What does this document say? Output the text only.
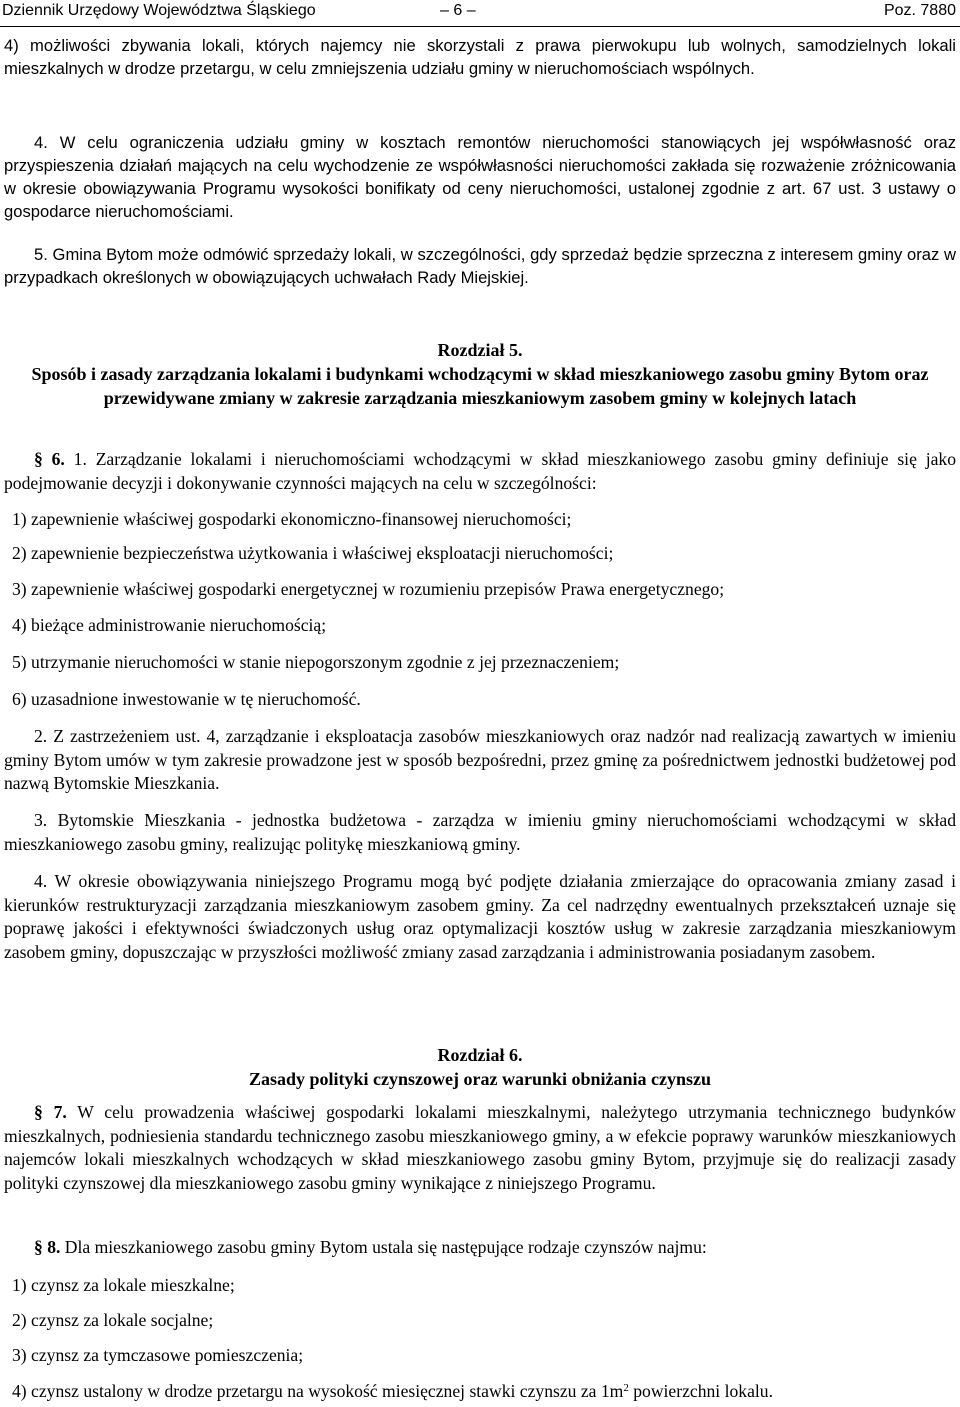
Dziennik Urzędowy Województwa Śląskiego	– 6 –	Poz. 7880

4) możliwości zbywania lokali, których najemcy nie skorzystali z prawa pierwokupu lub wolnych, samodzielnych lokali mieszkalnych w drodze przetargu, w celu zmniejszenia udziału gminy w nieruchomościach wspólnych.

4. W celu ograniczenia udziału gminy w kosztach remontów nieruchomości stanowiących jej współwłasność oraz przyspieszenia działań mających na celu wychodzenie ze współwłasności nieruchomości zakłada się rozważenie zróżnicowania w okresie obowiązywania Programu wysokości bonifikaty od ceny nieruchomości, ustalonej zgodnie z art. 67 ust. 3 ustawy o gospodarce nieruchomościami.

5. Gmina Bytom może odmówić sprzedaży lokali, w szczególności, gdy sprzedaż będzie sprzeczna z interesem gminy oraz w przypadkach określonych w obowiązujących uchwałach Rady Miejskiej.

Rozdział 5.

Sposób i zasady zarządzania lokalami i budynkami wchodzącymi w skład mieszkaniowego zasobu gminy Bytom oraz przewidywane zmiany w zakresie zarządzania mieszkaniowym zasobem gminy w kolejnych latach

§ 6. 1. Zarządzanie lokalami i nieruchomościami wchodzącymi w skład mieszkaniowego zasobu gminy definiuje się jako podejmowanie decyzji i dokonywanie czynności mających na celu w szczególności:

1) zapewnienie właściwej gospodarki ekonomiczno-finansowej nieruchomości;

2) zapewnienie bezpieczeństwa użytkowania i właściwej eksploatacji nieruchomości;

3) zapewnienie właściwej gospodarki energetycznej w rozumieniu przepisów Prawa energetycznego;

4) bieżące administrowanie nieruchomością;

5) utrzymanie nieruchomości w stanie niepogorszonym zgodnie z jej przeznaczeniem;

6) uzasadnione inwestowanie w tę nieruchomość.

2. Z zastrzeżeniem ust. 4, zarządzanie i eksploatacja zasobów mieszkaniowych oraz nadzór nad realizacją zawartych w imieniu gminy Bytom umów w tym zakresie prowadzone jest w sposób bezpośredni, przez gminę za pośrednictwem jednostki budżetowej pod nazwą Bytomskie Mieszkania.

3. Bytomskie Mieszkania - jednostka budżetowa - zarządza w imieniu gminy nieruchomościami wchodzącymi w skład mieszkaniowego zasobu gminy, realizując politykę mieszkaniową gminy.

4. W okresie obowiązywania niniejszego Programu mogą być podjęte działania zmierzające do opracowania zmiany zasad i kierunków restrukturyzacji zarządzania mieszkaniowym zasobem gminy. Za cel nadrzędny ewentualnych przekształceń uznaje się poprawę jakości i efektywności świadczonych usług oraz optymalizacji kosztów usług w zakresie zarządzania mieszkaniowym zasobem gminy, dopuszczając w przyszłości możliwość zmiany zasad zarządzania i administrowania posiadanym zasobem.

Rozdział 6.

Zasady polityki czynszowej oraz warunki obniżania czynszu

§ 7. W celu prowadzenia właściwej gospodarki lokalami mieszkalnymi, należytego utrzymania technicznego budynków mieszkalnych, podniesienia standardu technicznego zasobu mieszkaniowego gminy, a w efekcie poprawy warunków mieszkaniowych najemców lokali mieszkalnych wchodzących w skład mieszkaniowego zasobu gminy Bytom, przyjmuje się do realizacji zasady polityki czynszowej dla mieszkaniowego zasobu gminy wynikające z niniejszego Programu.

§ 8. Dla mieszkaniowego zasobu gminy Bytom ustala się następujące rodzaje czynszów najmu:

1) czynsz za lokale mieszkalne;

2) czynsz za lokale socjalne;

3) czynsz za tymczasowe pomieszczenia;

4) czynsz ustalony w drodze przetargu na wysokość miesięcznej stawki czynszu za $1m^2$ powierzchni lokalu.
